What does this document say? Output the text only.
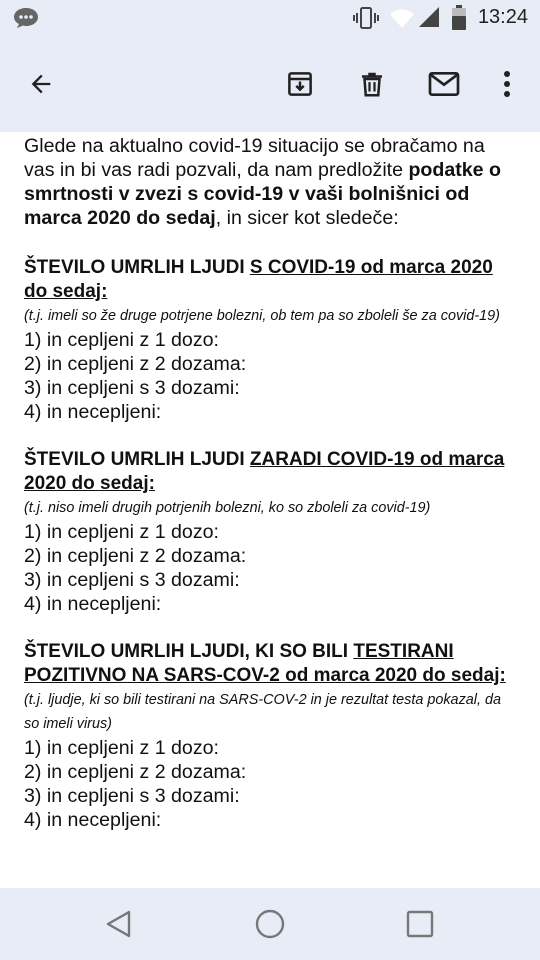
13:24

Glede na aktualno covid-19 situacijo se obračamo na vas in bi vas radi pozvali, da nam predložite podatke o smrtnosti v zvezi s covid-19 v vaši bolnišnici od marca 2020 do sedaj, in sicer kot sledeče:

ŠTEVILO UMRLIH LJUDI S COVID-19 od marca 2020 do sedaj:

(t.j. imeli so že druge potrjene bolezni, ob tem pa so zboleli še za covid-19)

1) in cepljeni z 1 dozo:
2) in cepljeni z 2 dozama:
3) in cepljeni s 3 dozami:
4) in necepljeni:

ŠTEVILO UMRLIH LJUDI ZARADI COVID-19 od marca 2020 do sedaj:

(t.j. niso imeli drugih potrjenih bolezni, ko so zboleli za covid-19)

1) in cepljeni z 1 dozo:
2) in cepljeni z 2 dozama:
3) in cepljeni s 3 dozami:
4) in necepljeni:

ŠTEVILO UMRLIH LJUDI, KI SO BILI TESTIRANI POZITIVNO NA SARS-COV-2 od marca 2020 do sedaj:

(t.j. ljudje, ki so bili testirani na SARS-COV-2 in je rezultat testa pokazal, da so imeli virus)

1) in cepljeni z 1 dozo:
2) in cepljeni z 2 dozama:
3) in cepljeni s 3 dozami:
4) in necepljeni:
